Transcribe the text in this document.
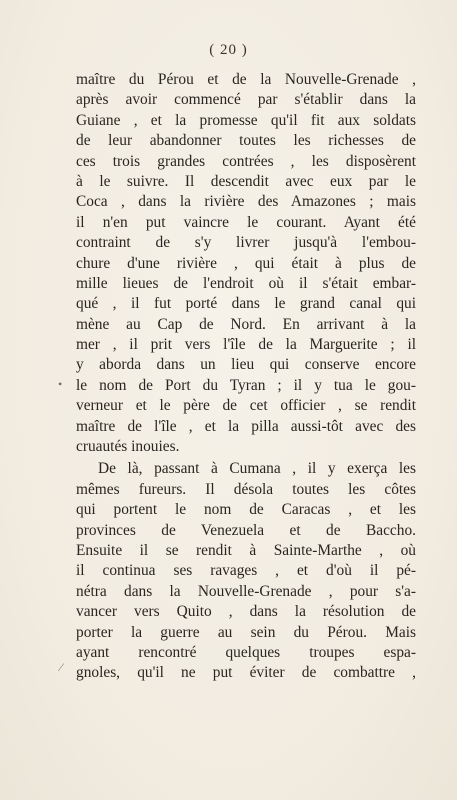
( 20 )
•
⁄
maître du Pérou et de la Nouvelle-Grenade ,
après avoir commencé par s'établir dans la
Guiane , et la promesse qu'il fit aux soldats
de leur abandonner toutes les richesses de
ces trois grandes contrées , les disposèrent
à le suivre. Il descendit avec eux par le
Coca , dans la rivière des Amazones ; mais
il n'en put vaincre le courant. Ayant été
contraint de s'y livrer jusqu'à l'embou-
chure d'une rivière , qui était à plus de
mille lieues de l'endroit où il s'était embar-
qué , il fut porté dans le grand canal qui
mène au Cap de Nord. En arrivant à la
mer , il prit vers l'île de la Marguerite ; il
y aborda dans un lieu qui conserve encore
le nom de Port du Tyran ; il y tua le gou-
verneur et le père de cet officier , se rendit
maître de l'île , et la pilla aussi-tôt avec des
cruautés inouies.
De là, passant à Cumana , il y exerça les
mêmes fureurs. Il désola toutes les côtes
qui portent le nom de Caracas , et les
provinces de Venezuela et de Baccho.
Ensuite il se rendit à Sainte-Marthe , où
il continua ses ravages , et d'où il pé-
nétra dans la Nouvelle-Grenade , pour s'a-
vancer vers Quito , dans la résolution de
porter la guerre au sein du Pérou. Mais
ayant rencontré quelques troupes espa-
gnoles, qu'il ne put éviter de combattre ,
